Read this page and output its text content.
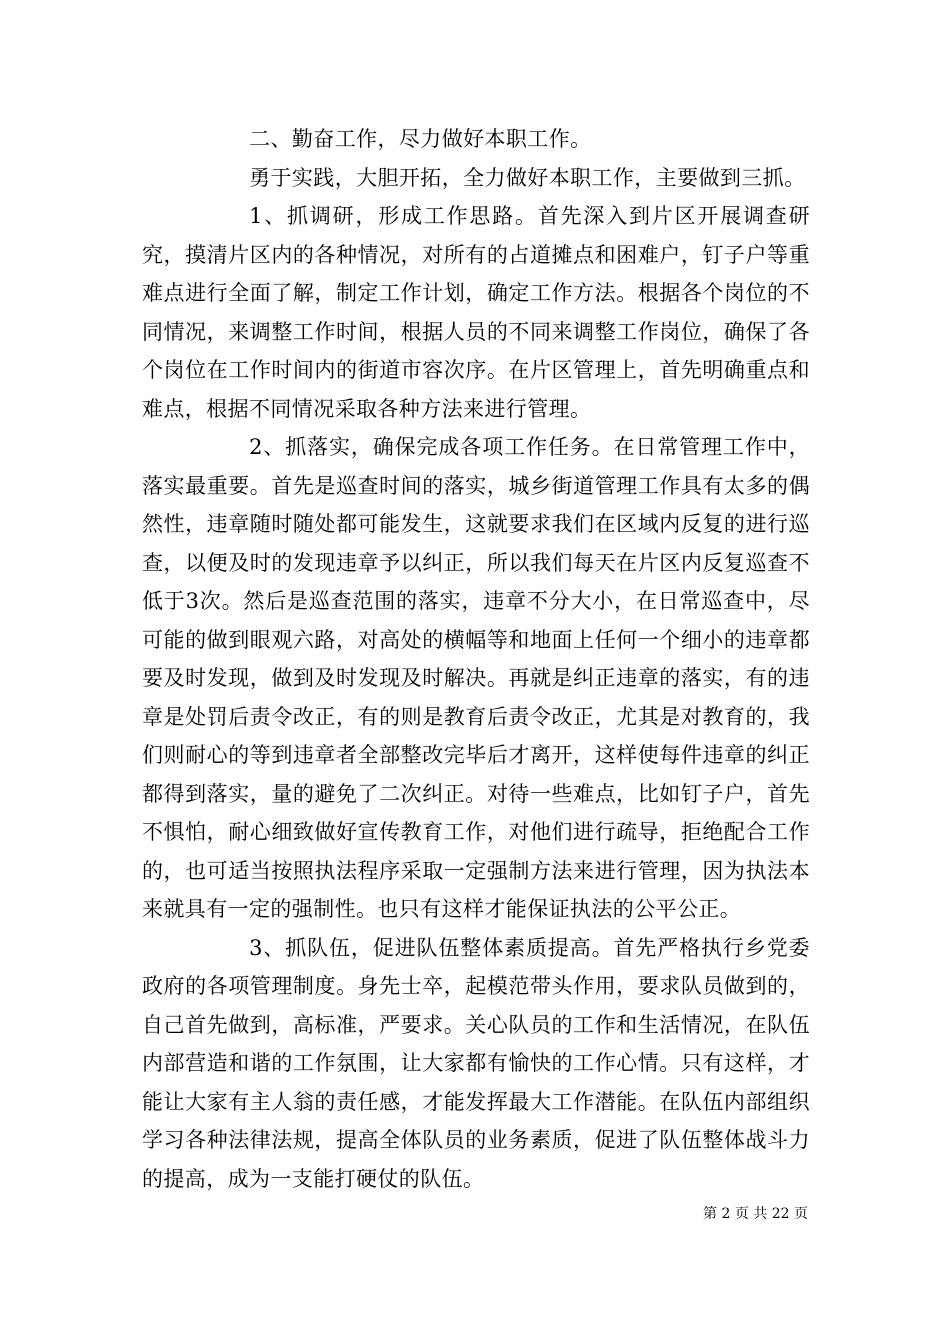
二、勤奋工作，尽力做好本职工作。

勇于实践，大胆开拓，全力做好本职工作，主要做到三抓。

1、抓调研，形成工作思路。首先深入到片区开展调查研究，摸清片区内的各种情况，对所有的占道摊点和困难户，钉子户等重难点进行全面了解，制定工作计划，确定工作方法。根据各个岗位的不同情况，来调整工作时间，根据人员的不同来调整工作岗位，确保了各个岗位在工作时间内的街道市容次序。在片区管理上，首先明确重点和难点，根据不同情况采取各种方法来进行管理。

2、抓落实，确保完成各项工作任务。在日常管理工作中，落实最重要。首先是巡查时间的落实，城乡街道管理工作具有太多的偶然性，违章随时随处都可能发生，这就要求我们在区域内反复的进行巡查，以便及时的发现违章予以纠正，所以我们每天在片区内反复巡查不低于3次。然后是巡查范围的落实，违章不分大小，在日常巡查中，尽可能的做到眼观六路，对高处的横幅等和地面上任何一个细小的违章都要及时发现，做到及时发现及时解决。再就是纠正违章的落实，有的违章是处罚后责令改正，有的则是教育后责令改正，尤其是对教育的，我们则耐心的等到违章者全部整改完毕后才离开，这样使每件违章的纠正都得到落实，量的避免了二次纠正。对待一些难点，比如钉子户，首先不惧怕，耐心细致做好宣传教育工作，对他们进行疏导，拒绝配合工作的，也可适当按照执法程序采取一定强制方法来进行管理，因为执法本来就具有一定的强制性。也只有这样才能保证执法的公平公正。

3、抓队伍，促进队伍整体素质提高。首先严格执行乡党委政府的各项管理制度。身先士卒，起模范带头作用，要求队员做到的，自己首先做到，高标准，严要求。关心队员的工作和生活情况，在队伍内部营造和谐的工作氛围，让大家都有愉快的工作心情。只有这样，才能让大家有主人翁的责任感，才能发挥最大工作潜能。在队伍内部组织学习各种法律法规，提高全体队员的业务素质，促进了队伍整体战斗力的提高，成为一支能打硬仗的队伍。

第 2 页 共 22 页
